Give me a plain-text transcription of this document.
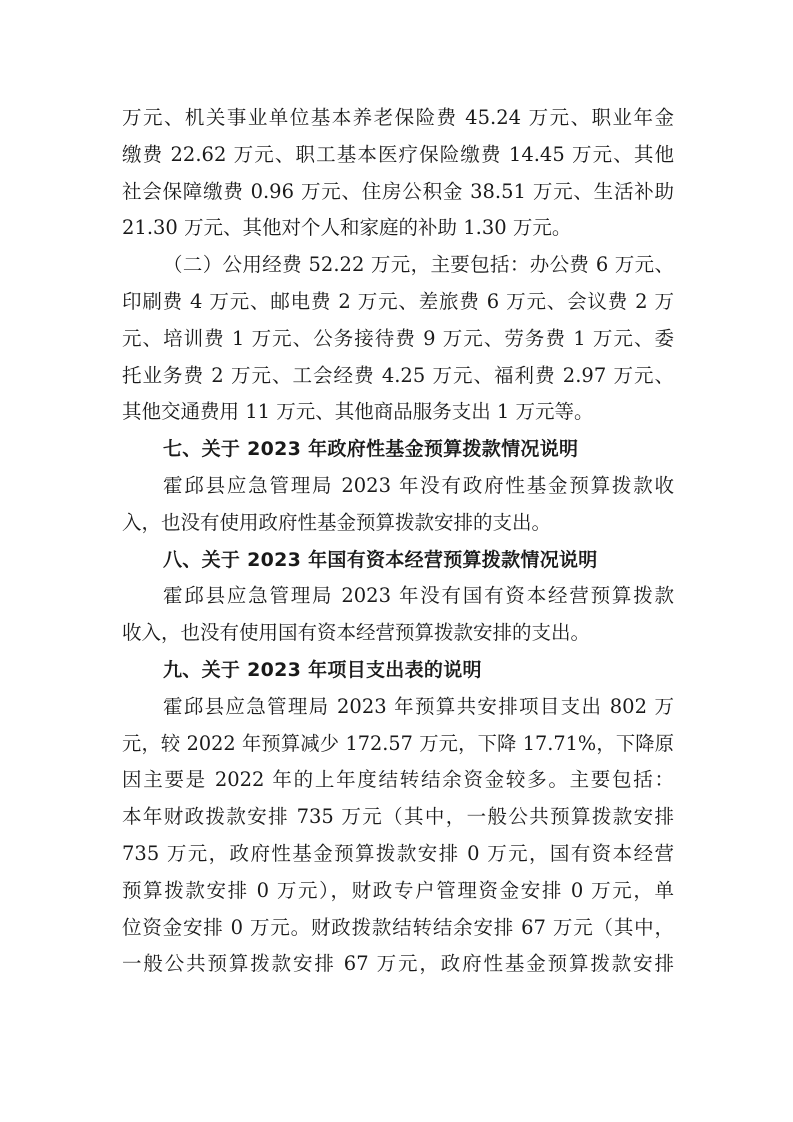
万元、机关事业单位基本养老保险费 45.24 万元、职业年金
缴费 22.62 万元、职工基本医疗保险缴费 14.45 万元、其他
社会保障缴费 0.96 万元、住房公积金 38.51 万元、生活补助
21.30 万元、其他对个人和家庭的补助 1.30 万元。
（二）公用经费 52.22 万元，主要包括：办公费 6 万元、
印刷费 4 万元、邮电费 2 万元、差旅费 6 万元、会议费 2 万
元、培训费 1 万元、公务接待费 9 万元、劳务费 1 万元、委
托业务费 2 万元、工会经费 4.25 万元、福利费 2.97 万元、
其他交通费用 11 万元、其他商品服务支出 1 万元等。
七、关于 2023 年政府性基金预算拨款情况说明
霍邱县应急管理局 2023 年没有政府性基金预算拨款收
入，也没有使用政府性基金预算拨款安排的支出。
八、关于 2023 年国有资本经营预算拨款情况说明
霍邱县应急管理局 2023 年没有国有资本经营预算拨款
收入，也没有使用国有资本经营预算拨款安排的支出。
九、关于 2023 年项目支出表的说明
霍邱县应急管理局 2023 年预算共安排项目支出 802 万
元，较 2022 年预算减少 172.57 万元，下降 17.71%，下降原
因主要是 2022 年的上年度结转结余资金较多。主要包括：
本年财政拨款安排 735 万元（其中，一般公共预算拨款安排
735 万元，政府性基金预算拨款安排 0 万元，国有资本经营
预算拨款安排 0 万元），财政专户管理资金安排 0 万元，单
位资金安排 0 万元。财政拨款结转结余安排 67 万元（其中，
一般公共预算拨款安排 67 万元，政府性基金预算拨款安排
